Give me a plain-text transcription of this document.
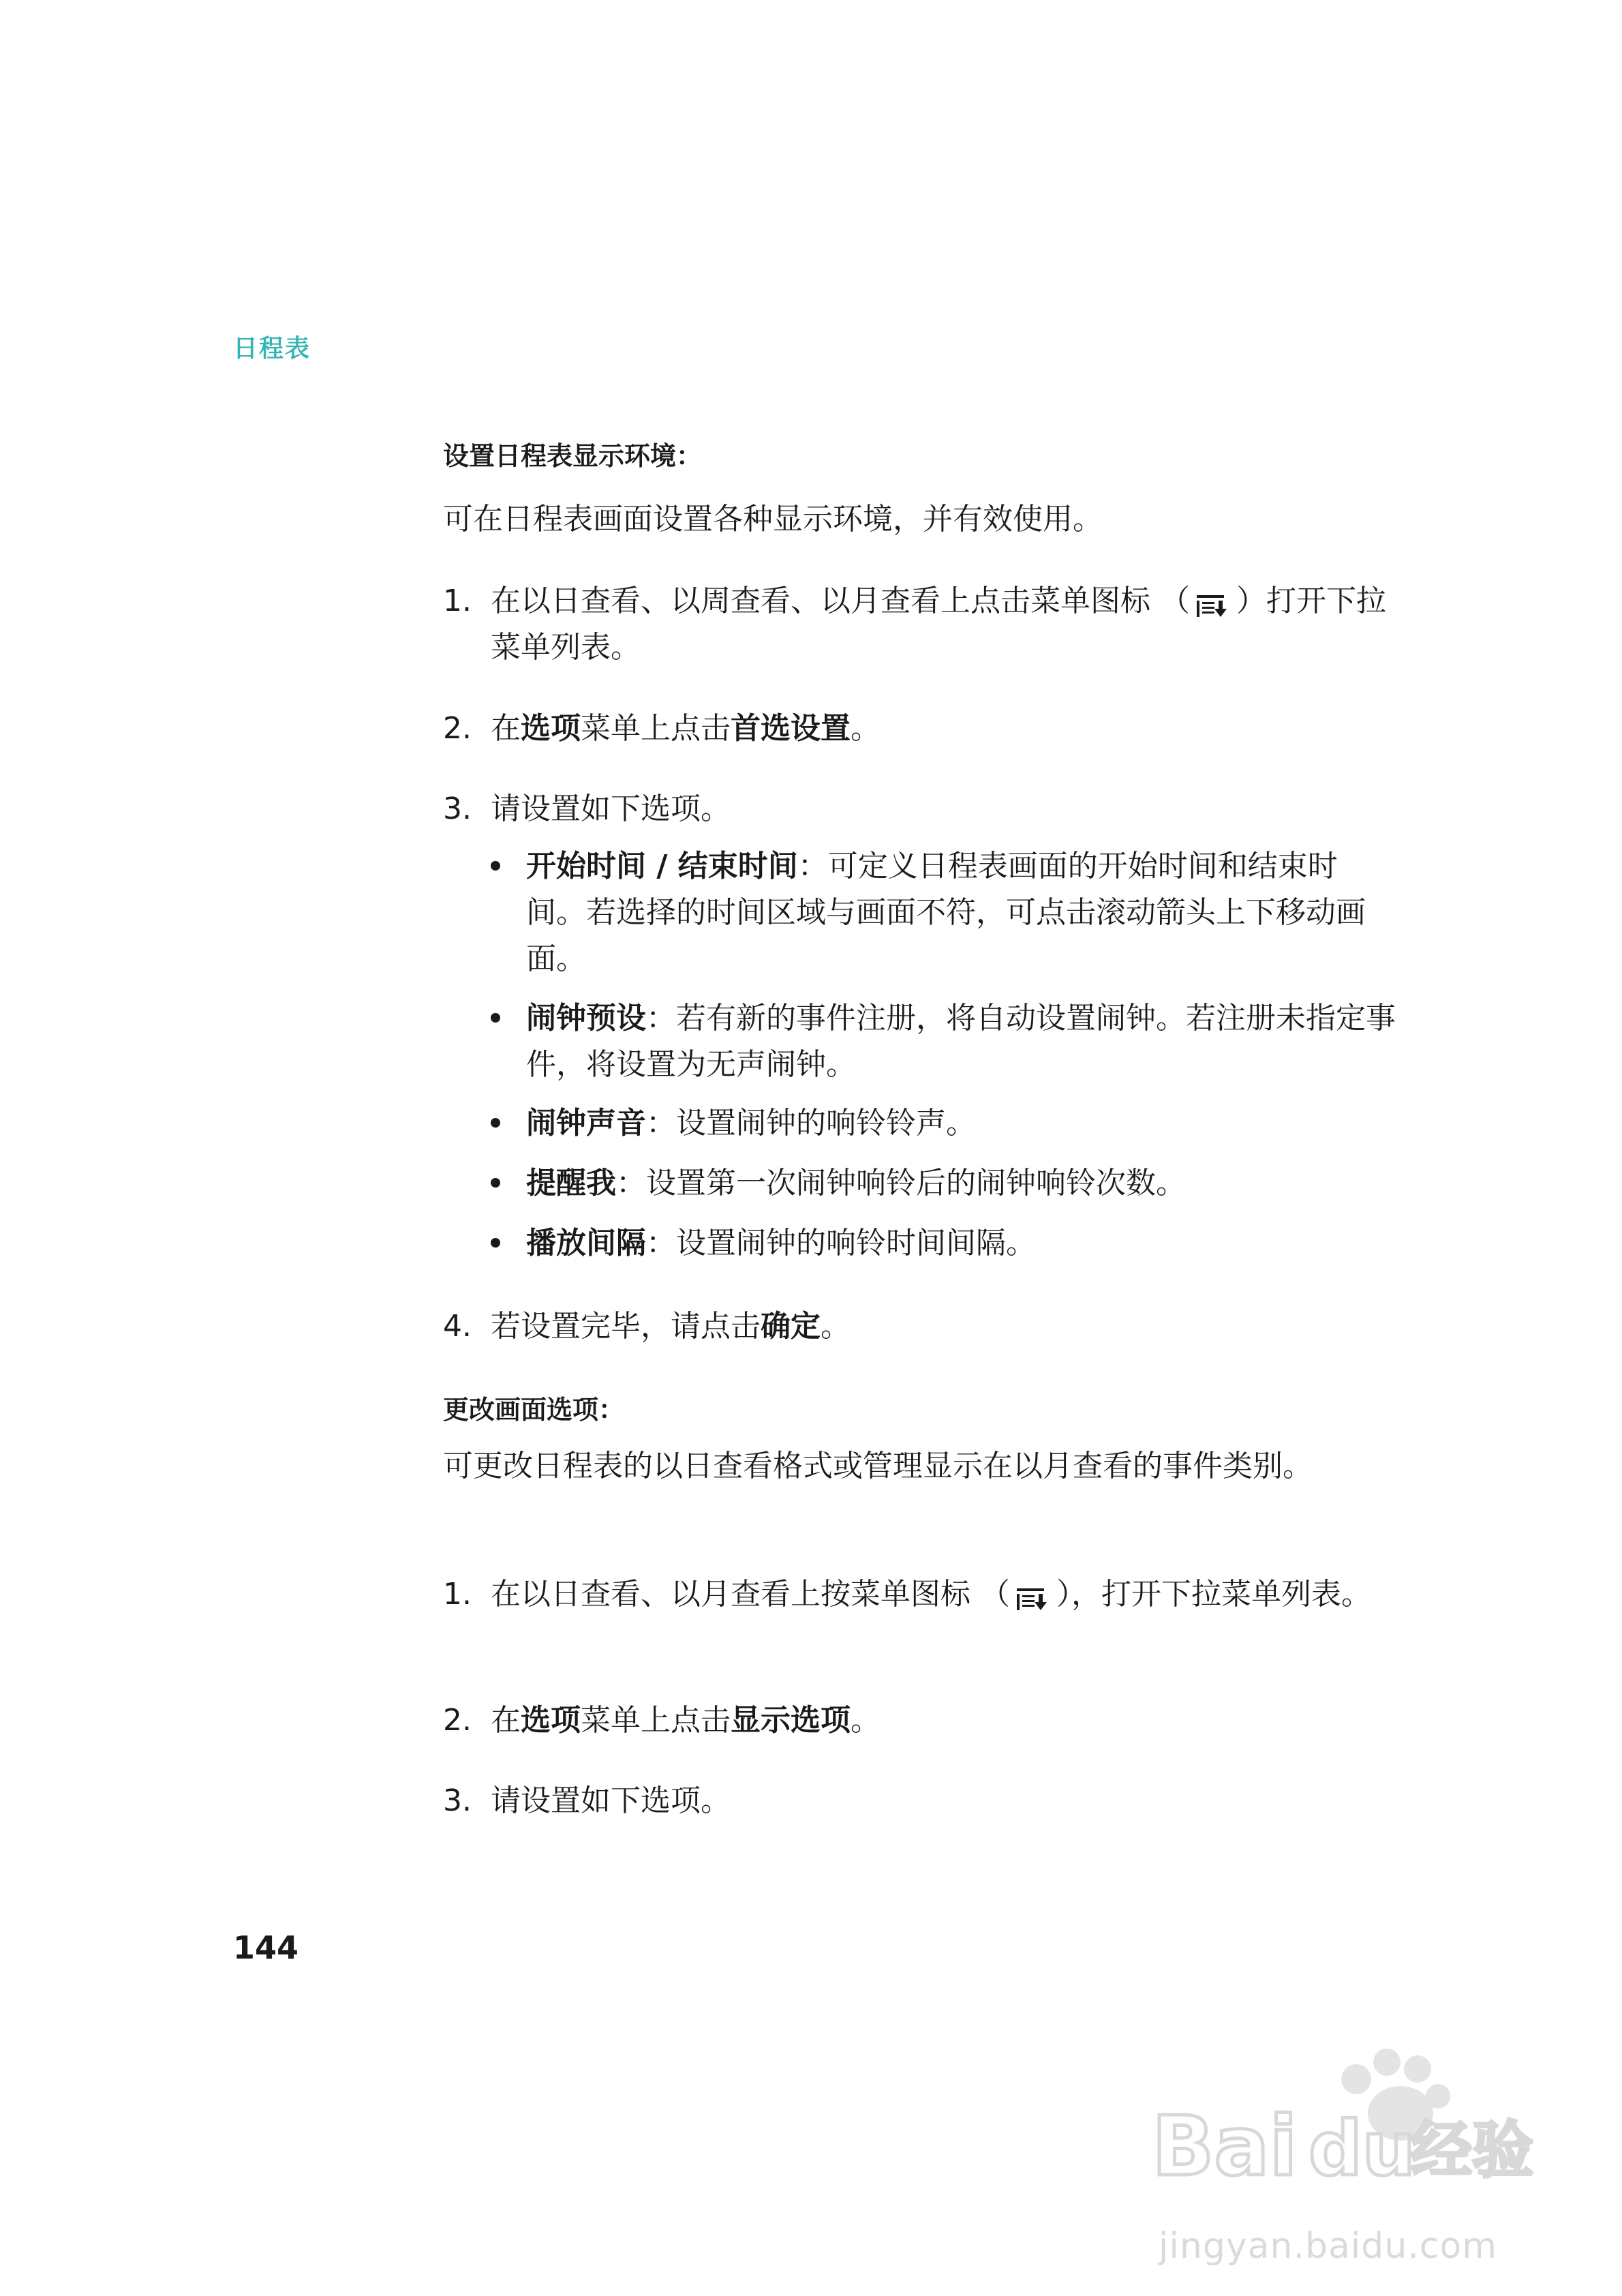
日程表
设置日程表显示环境：
可在日程表画面设置各种显示环境，并有效使用。
1. 在以日查看、以周查看、以月查看上点击菜单图标 （ ）打开下拉菜单列表。
2. 在选项菜单上点击首选设置。
3. 请设置如下选项。
开始时间 / 结束时间：可定义日程表画面的开始时间和结束时间。若选择的时间区域与画面不符，可点击滚动箭头上下移动画面。
闹钟预设：若有新的事件注册，将自动设置闹钟。若注册未指定事件，将设置为无声闹钟。
闹钟声音：设置闹钟的响铃铃声。
提醒我：设置第一次闹钟响铃后的闹钟响铃次数。
播放间隔：设置闹钟的响铃时间间隔。
4. 若设置完毕，请点击确定。
更改画面选项：
可更改日程表的以日查看格式或管理显示在以月查看的事件类别。
1. 在以日查看、以月查看上按菜单图标 （ ），打开下拉菜单列表。
2. 在选项菜单上点击显示选项。
3. 请设置如下选项。
144
Bai du
经验
jingyan.baidu.com
